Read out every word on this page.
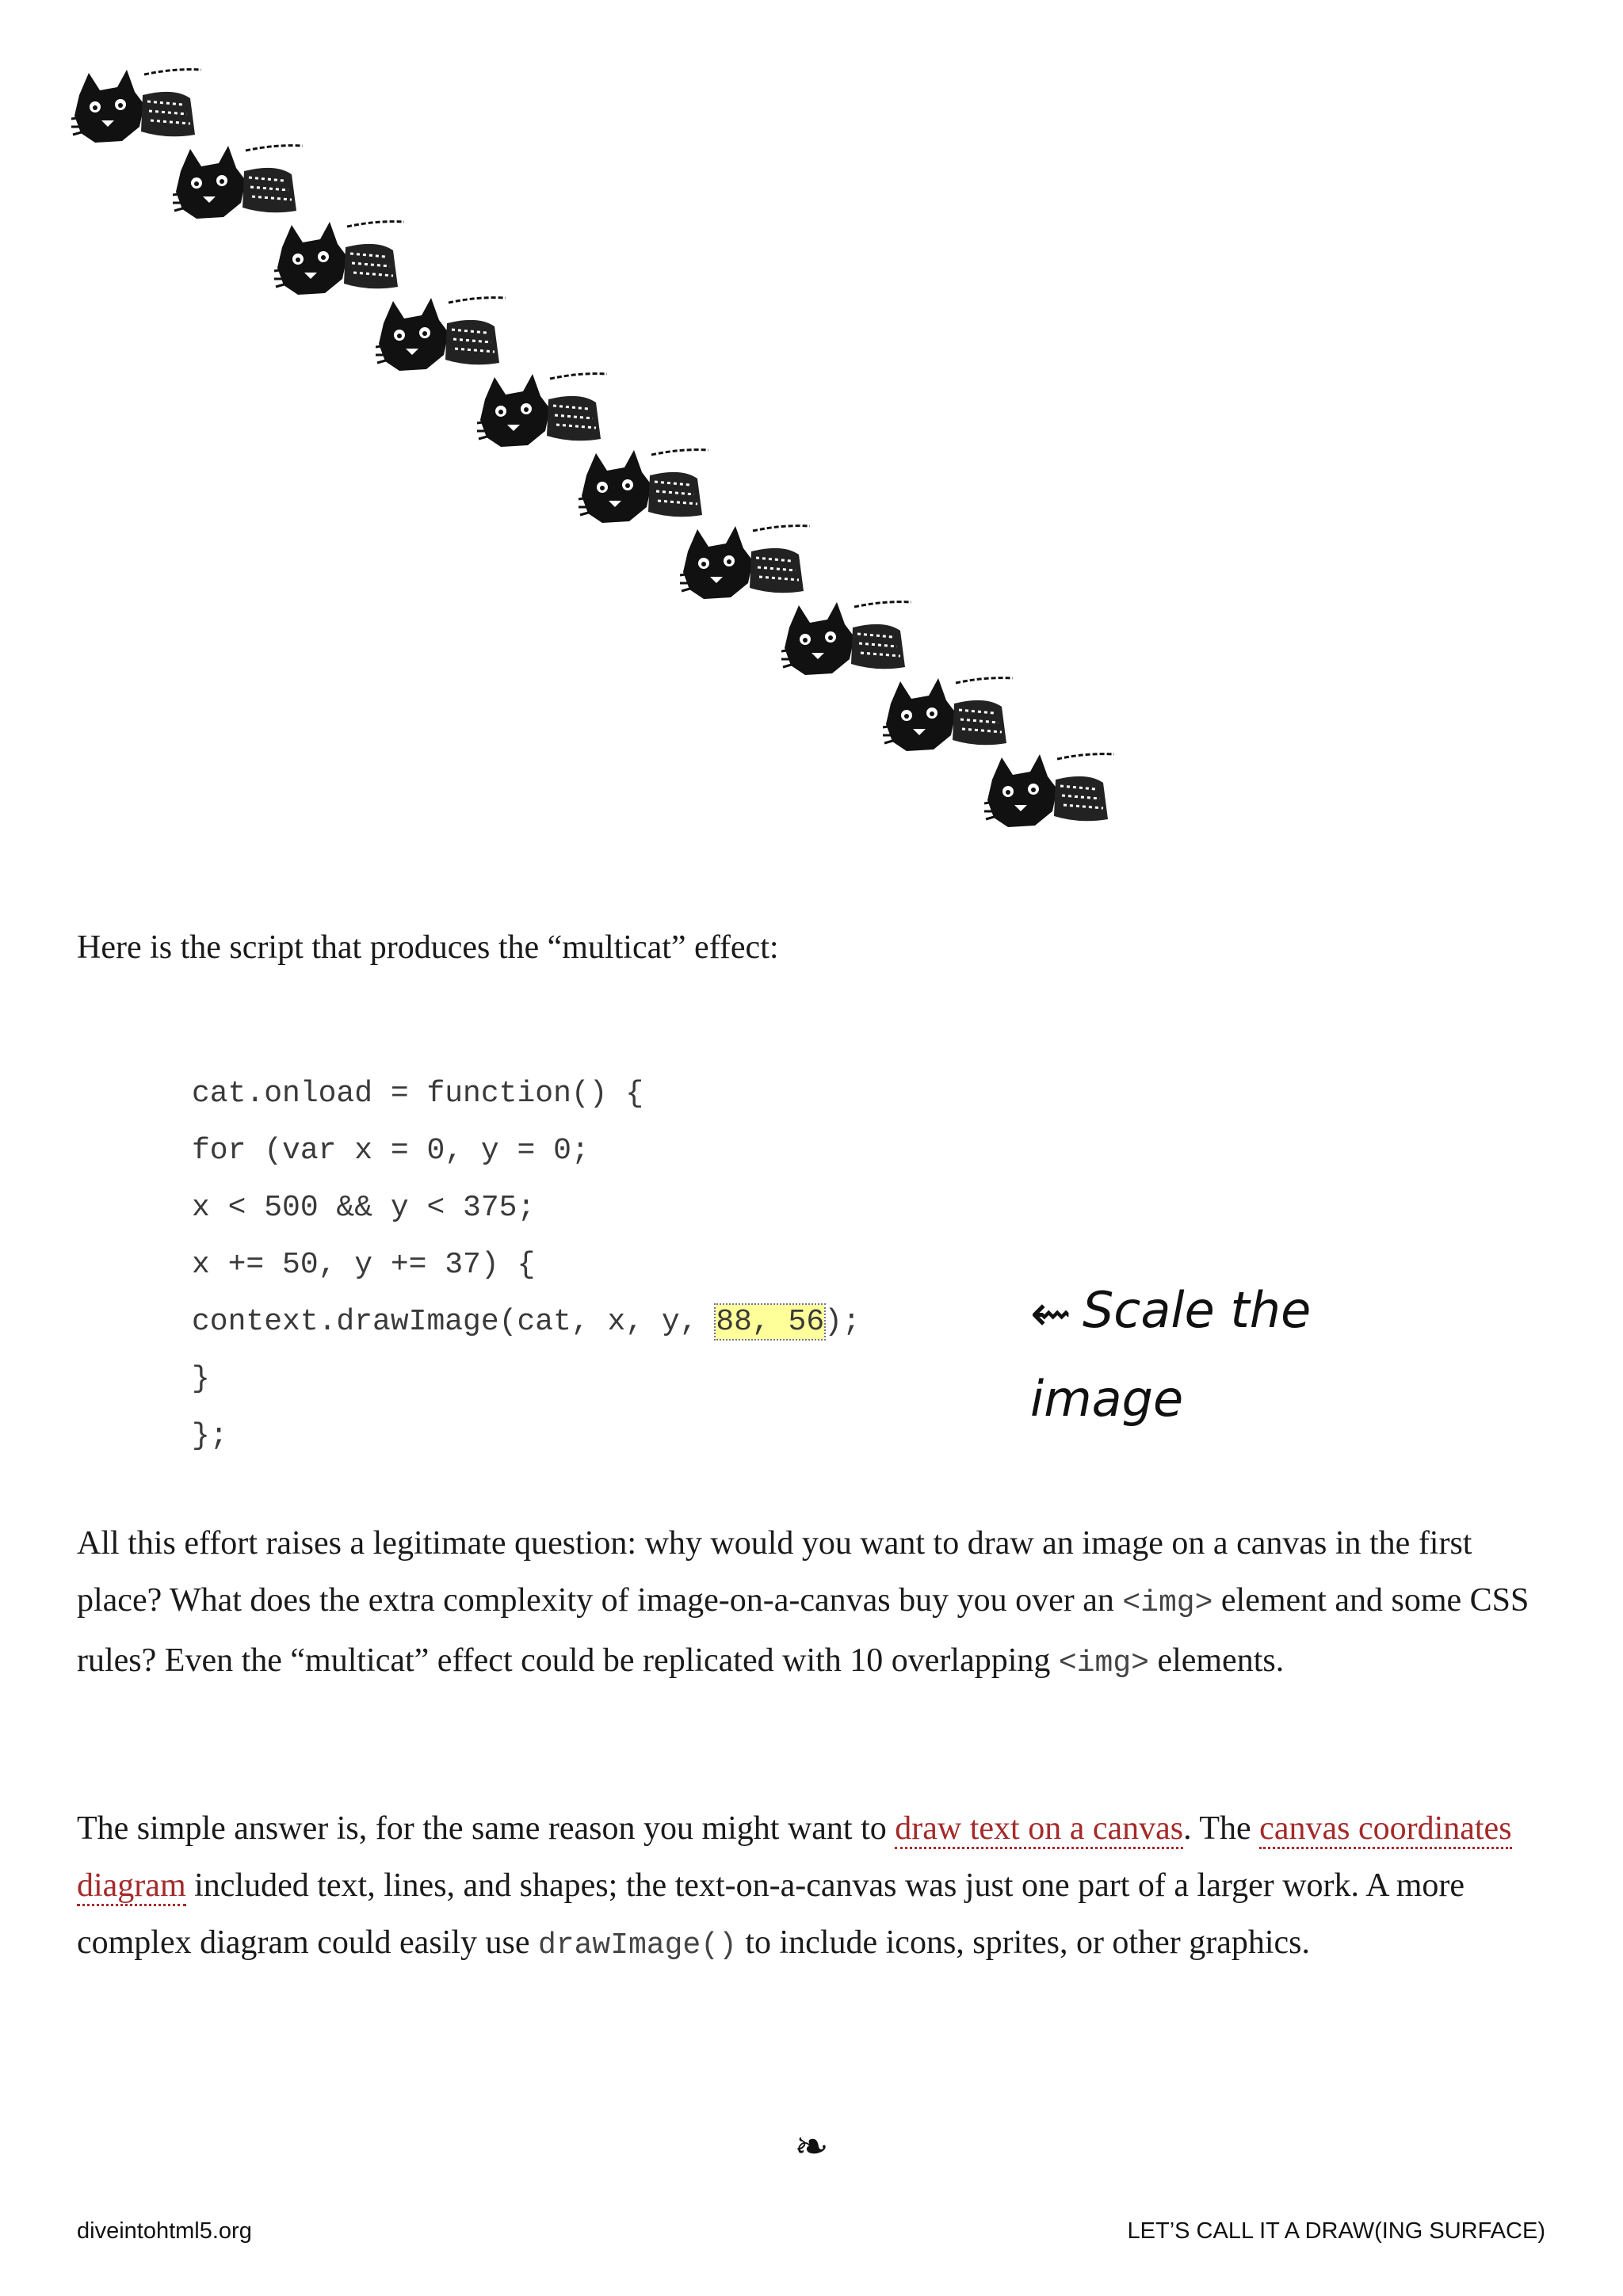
Here is the script that produces the “multicat” effect:

cat.onload = function() {
for (var x = 0, y = 0;
x < 500 && y < 375;
x += 50, y += 37) {
context.drawImage(cat, x, y, 88, 56);
}
};
⇜ Scale the image

All this effort raises a legitimate question: why would you want to draw an image on a canvas in the first place? What does the extra complexity of image-on-a-canvas buy you over an <img> element and some CSS rules? Even the “multicat” effect could be replicated with 10 overlapping <img> elements.

The simple answer is, for the same reason you might want to draw text on a canvas. The canvas coordinates diagram included text, lines, and shapes; the text-on-a-canvas was just one part of a larger work. A more complex diagram could easily use drawImage() to include icons, sprites, or other graphics.

❧
diveintohtml5.org	LET’S CALL IT A DRAW(ING SURFACE)
